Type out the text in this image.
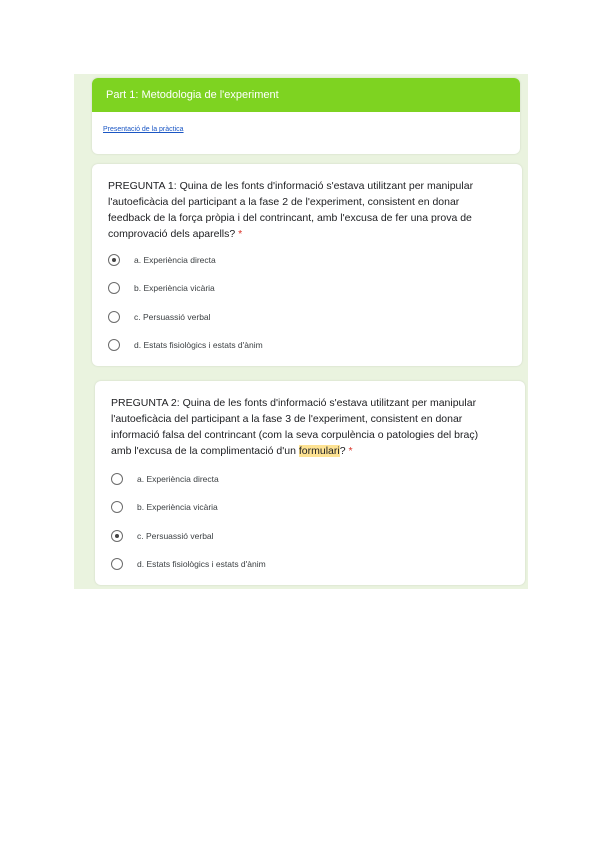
Part 1: Metodologia de l'experiment
Presentació de la pràctica
PREGUNTA 1: Quina de les fonts d'informació s'estava utilitzant per manipular l'autoeficàcia del participant a la fase 2 de l'experiment, consistent en donar feedback de la força pròpia i del contrincant, amb l'excusa de fer una prova de comprovació dels aparells? *
a. Experiència directa
b. Experiència vicària
c. Persuassió verbal
d. Estats fisiològics i estats d'ànim
PREGUNTA 2: Quina de les fonts d'informació s'estava utilitzant per manipular l'autoeficàcia del participant a la fase 3 de l'experiment, consistent en donar informació falsa del contrincant (com la seva corpulència o patologies del braç) amb l'excusa de la complimentació d'un formulari? *
a. Experiència directa
b. Experiència vicària
c. Persuassió verbal
d. Estats fisiològics i estats d'ànim
